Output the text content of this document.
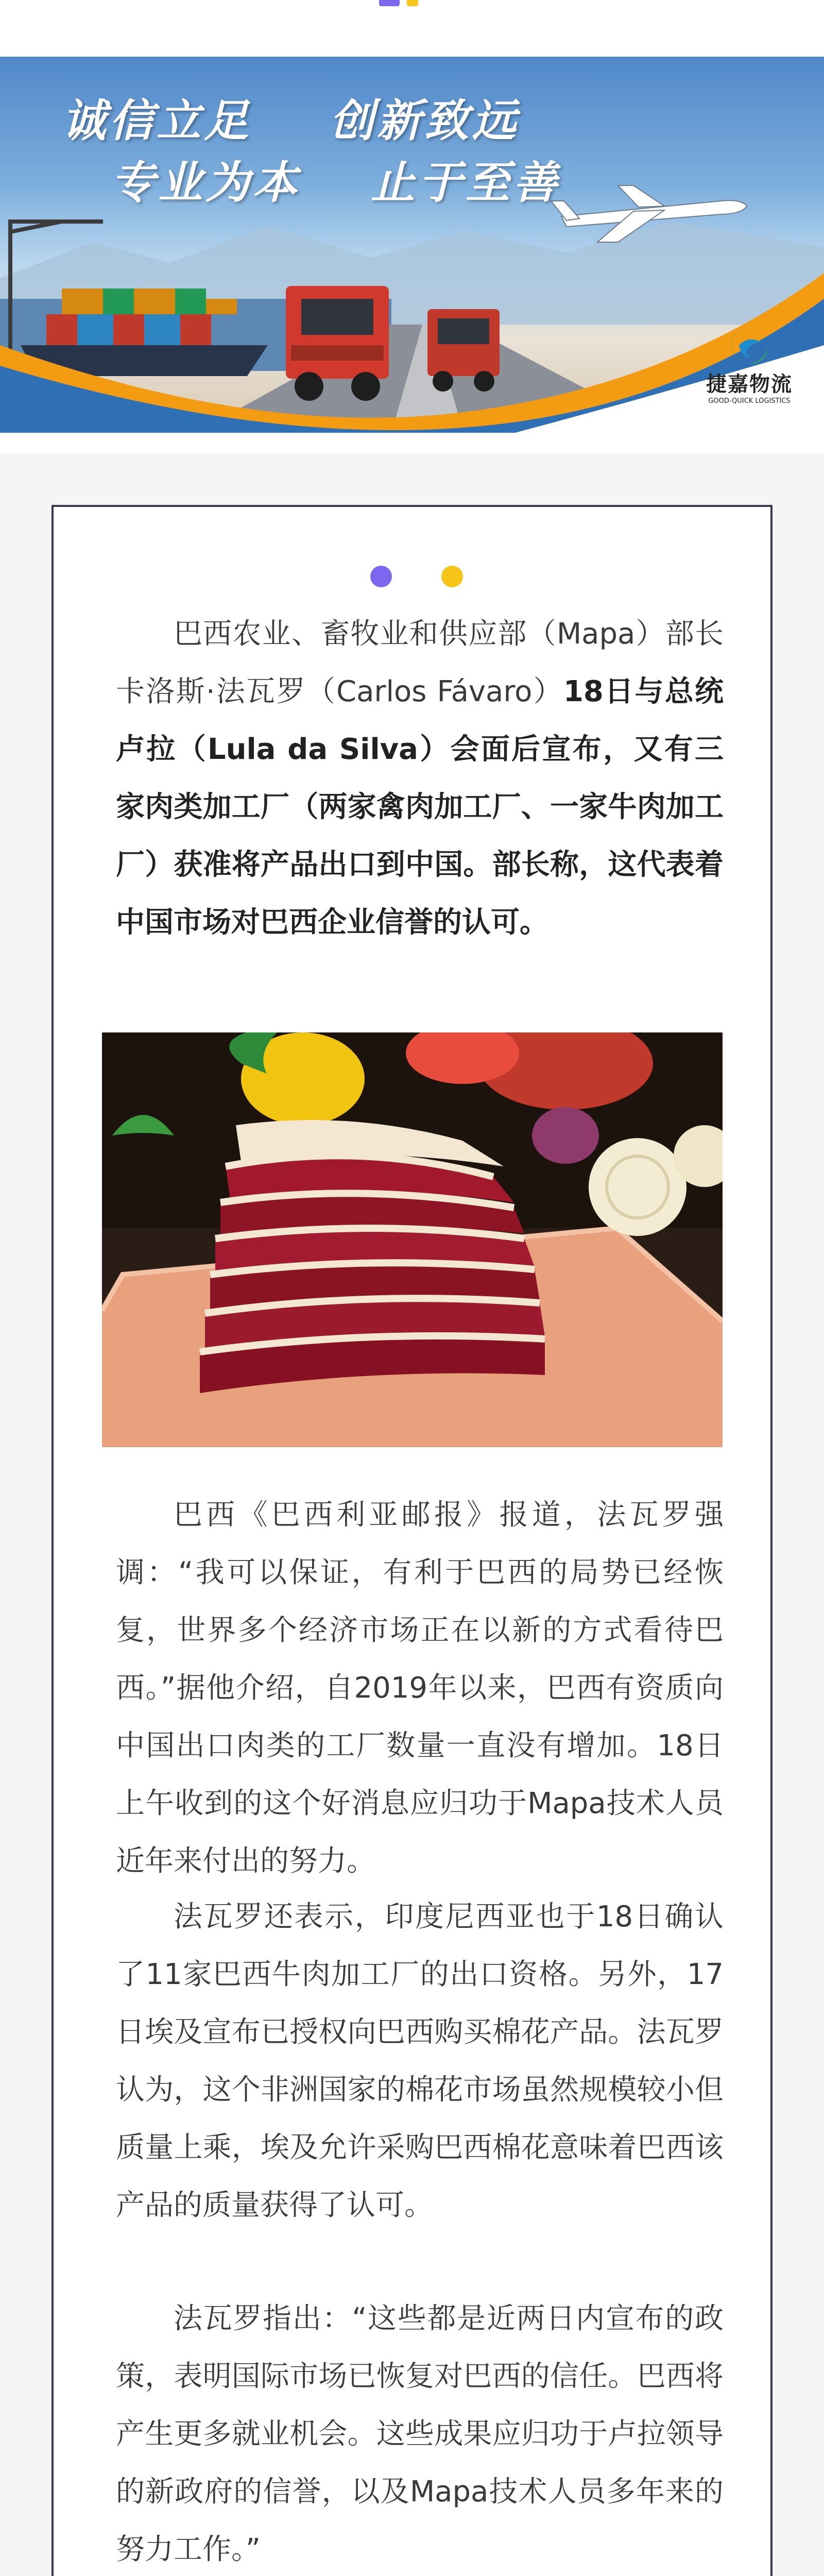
诚信立足 创新致远
专业为本 止于至善
捷嘉物流
GOOD-QUICK LOGISTICS

巴西农业、畜牧业和供应部（Mapa）部长卡洛斯·法瓦罗（Carlos Fávaro）18日与总统卢拉（Lula da Silva）会面后宣布，又有三家肉类加工厂（两家禽肉加工厂、一家牛肉加工厂）获准将产品出口到中国。部长称，这代表着中国市场对巴西企业信誉的认可。

巴西《巴西利亚邮报》报道，法瓦罗强调：“我可以保证，有利于巴西的局势已经恢复，世界多个经济市场正在以新的方式看待巴西。”据他介绍，自2019年以来，巴西有资质向中国出口肉类的工厂数量一直没有增加。18日上午收到的这个好消息应归功于Mapa技术人员近年来付出的努力。

法瓦罗还表示，印度尼西亚也于18日确认了11家巴西牛肉加工厂的出口资格。另外，17日埃及宣布已授权向巴西购买棉花产品。法瓦罗认为，这个非洲国家的棉花市场虽然规模较小但质量上乘，埃及允许采购巴西棉花意味着巴西该产品的质量获得了认可。

法瓦罗指出：“这些都是近两日内宣布的政策，表明国际市场已恢复对巴西的信任。巴西将产生更多就业机会。这些成果应归功于卢拉领导的新政府的信誉，以及Mapa技术人员多年来的努力工作。”
